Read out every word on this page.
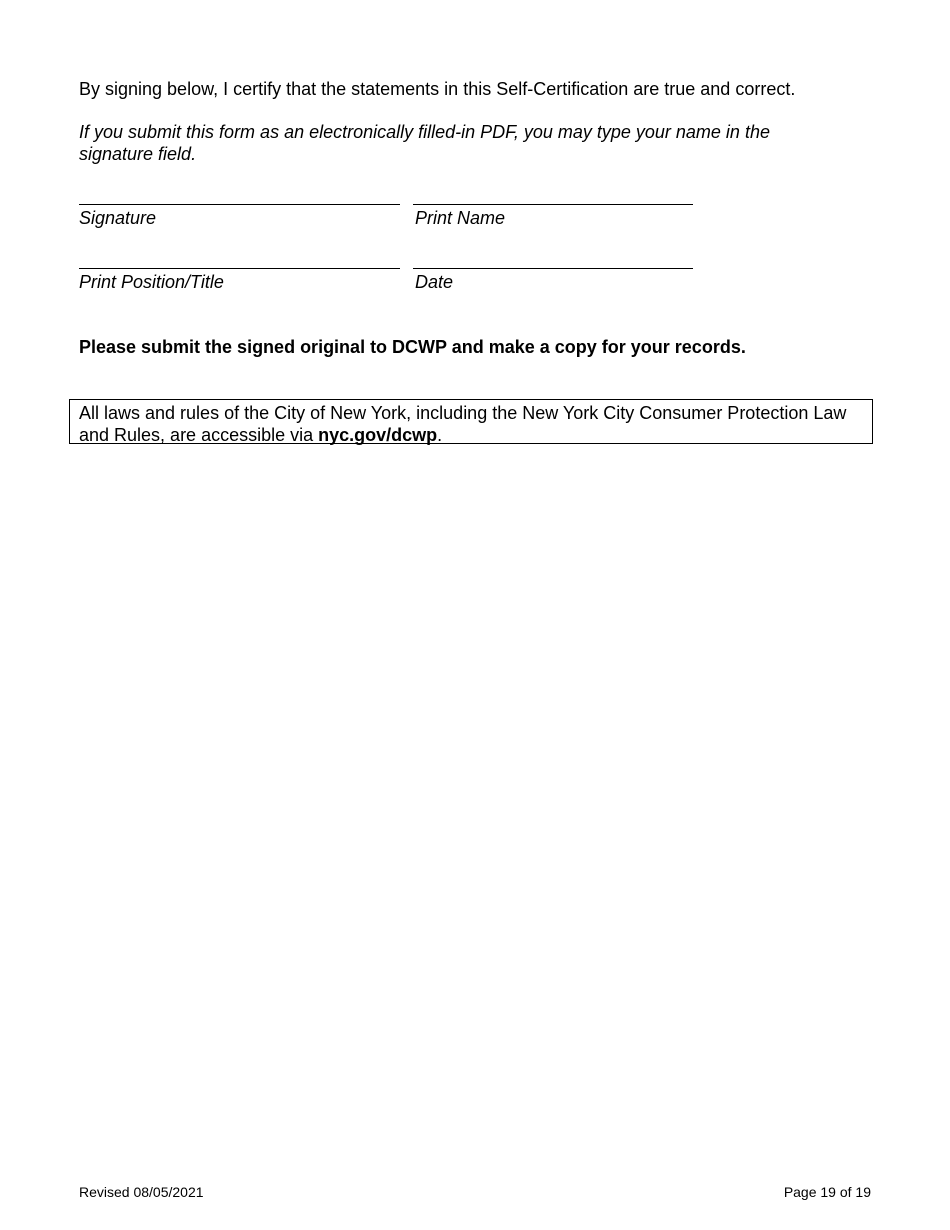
By signing below, I certify that the statements in this Self-Certification are true and correct.
If you submit this form as an electronically filled-in PDF, you may type your name in the signature field.
Signature	Print Name
Print Position/Title	Date
Please submit the signed original to DCWP and make a copy for your records.
All laws and rules of the City of New York, including the New York City Consumer Protection Law and Rules, are accessible via nyc.gov/dcwp.
Revised 08/05/2021	Page 19 of 19
